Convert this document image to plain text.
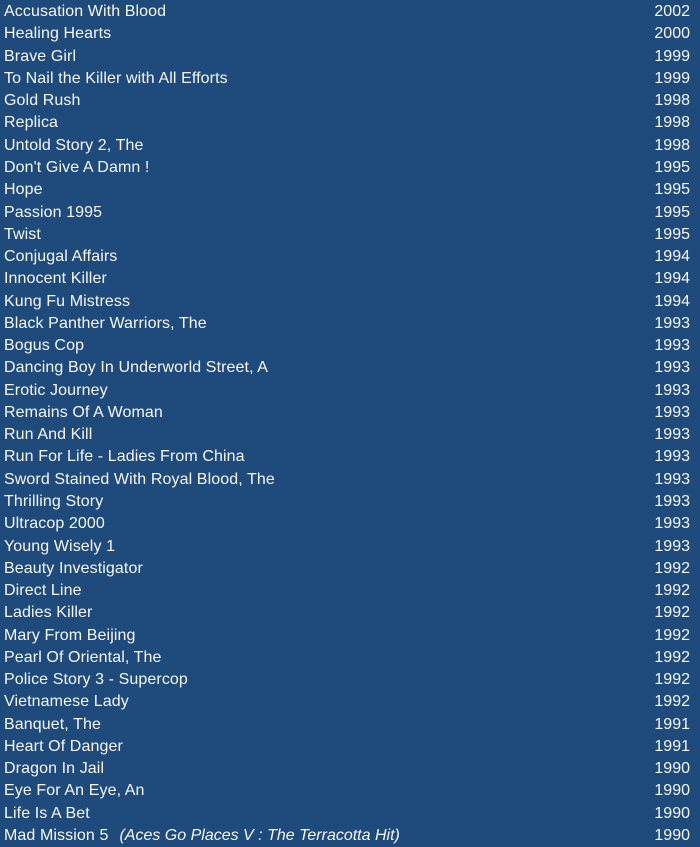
Accusation With Blood	2002
Healing Hearts	2000
Brave Girl	1999
To Nail the Killer with All Efforts	1999
Gold Rush	1998
Replica	1998
Untold Story 2, The	1998
Don't Give A Damn !	1995
Hope	1995
Passion 1995	1995
Twist	1995
Conjugal Affairs	1994
Innocent Killer	1994
Kung Fu Mistress	1994
Black Panther Warriors, The	1993
Bogus Cop	1993
Dancing Boy In Underworld Street, A	1993
Erotic Journey	1993
Remains Of A Woman	1993
Run And Kill	1993
Run For Life - Ladies From China	1993
Sword Stained With Royal Blood, The	1993
Thrilling Story	1993
Ultracop 2000	1993
Young Wisely 1	1993
Beauty Investigator	1992
Direct Line	1992
Ladies Killer	1992
Mary From Beijing	1992
Pearl Of Oriental, The	1992
Police Story 3 - Supercop	1992
Vietnamese Lady	1992
Banquet, The	1991
Heart Of Danger	1991
Dragon In Jail	1990
Eye For An Eye, An	1990
Life Is A Bet	1990
Mad Mission 5 (Aces Go Places V : The Terracotta Hit)	1990
